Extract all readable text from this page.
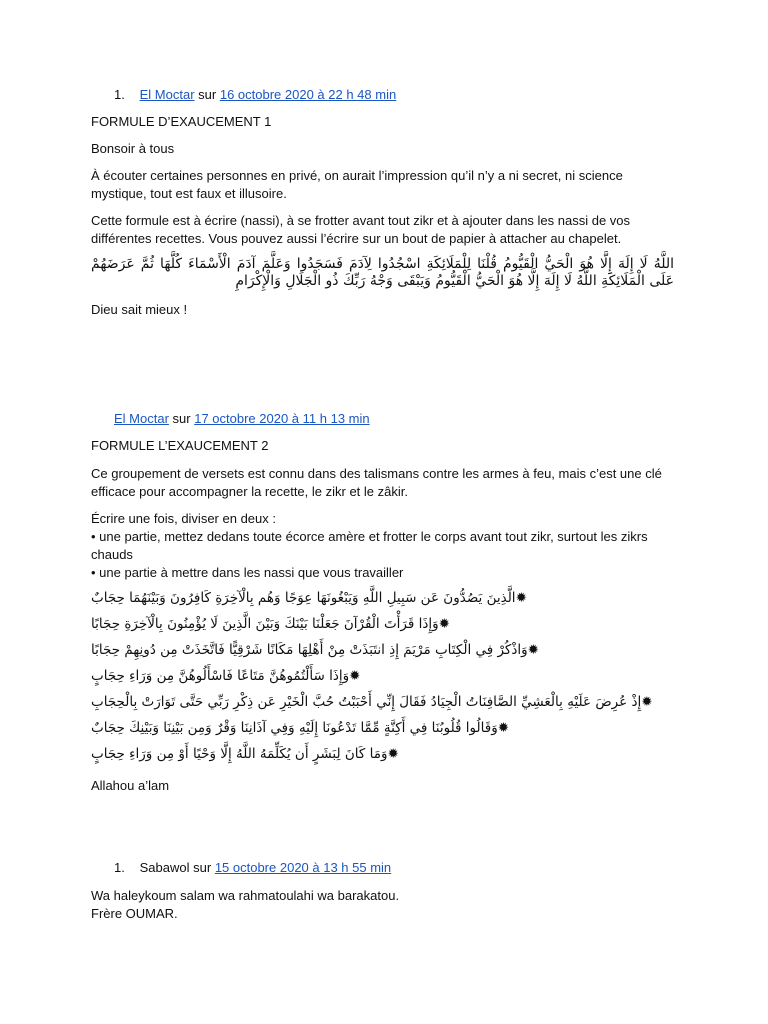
1. El Moctar sur 16 octobre 2020 à 22 h 48 min

FORMULE D’EXAUCEMENT 1

Bonsoir à tous

À écouter certaines personnes en privé, on aurait l’impression qu’il n’y a ni secret, ni science mystique, tout est faux et illusoire.

Cette formule est à écrire (nassi), à se frotter avant tout zikr et à ajouter dans les nassi de vos différentes recettes. Vous pouvez aussi l’écrire sur un bout de papier à attacher au chapelet.

اللَّهُ لَا إِلَهَ إِلَّا هُوَ الْحَيُّ الْقَيُّومُ قُلْنَا لِلْمَلَائِكَةِ اسْجُدُوا لِآدَمَ فَسَجَدُوا وَعَلَّمَ آدَمَ الْأَسْمَاءَ كُلَّهَا ثُمَّ عَرَضَهُمْ عَلَى الْمَلَائِكَةِ اللَّهُ لَا إِلَهَ إِلَّا هُوَ الْحَيُّ الْقَيُّومُ وَيَبْقَى وَجْهُ رَبِّكَ ذُو الْجَلَالِ وَالْإِكْرَامِ

Dieu sait mieux !

El Moctar sur 17 octobre 2020 à 11 h 13 min

FORMULE L’EXAUCEMENT 2

Ce groupement de versets est connu dans des talismans contre les armes à feu, mais c’est une clé efficace pour accompagner la recette, le zikr et le zâkir.

Écrire une fois, diviser en deux :

• une partie, mettez dedans toute écorce amère et frotter le corps avant tout zikr, surtout les zikrs chauds

• une partie à mettre dans les nassi que vous travailler

✹الَّذِينَ يَصُدُّونَ عَن سَبِيلِ اللَّهِ وَيَبْغُونَهَا عِوَجًا وَهُم بِالْآخِرَةِ كَافِرُونَ وَبَيْنَهُمَا حِجَابٌ
✹وَإِذَا قَرَأْتَ الْقُرْآنَ جَعَلْنَا بَيْنَكَ وَبَيْنَ الَّذِينَ لَا يُؤْمِنُونَ بِالْآخِرَةِ حِجَابًا
✹وَاذْكُرْ فِي الْكِتَابِ مَرْيَمَ إِذِ انتَبَذَتْ مِنْ أَهْلِهَا مَكَانًا شَرْقِيًّا فَاتَّخَذَتْ مِن دُونِهِمْ حِجَابًا
✹وَإِذَا سَأَلْتُمُوهُنَّ مَتَاعًا فَاسْأَلُوهُنَّ مِن وَرَاءِ حِجَابٍ
✹إِذْ عُرِضَ عَلَيْهِ بِالْعَشِيِّ الصَّافِنَاتُ الْجِيَادُ فَقَالَ إِنِّي أَحْبَبْتُ حُبَّ الْخَيْرِ عَن ذِكْرِ رَبِّي حَتَّى تَوَارَتْ بِالْحِجَابِ
✹وَقَالُوا قُلُوبُنَا فِي أَكِنَّةٍ مِّمَّا تَدْعُونَا إِلَيْهِ وَفِي آذَانِنَا وَقْرٌ وَمِن بَيْنِنَا وَبَيْنِكَ حِجَابٌ
✹وَمَا كَانَ لِبَشَرٍ أَن يُكَلِّمَهُ اللَّهُ إِلَّا وَحْيًا أَوْ مِن وَرَاءِ حِجَابٍ

Allahou a’lam

1. Sabawol sur 15 octobre 2020 à 13 h 55 min

Wa haleykoum salam wa rahmatoulahi wa barakatou.

Frère OUMAR.
